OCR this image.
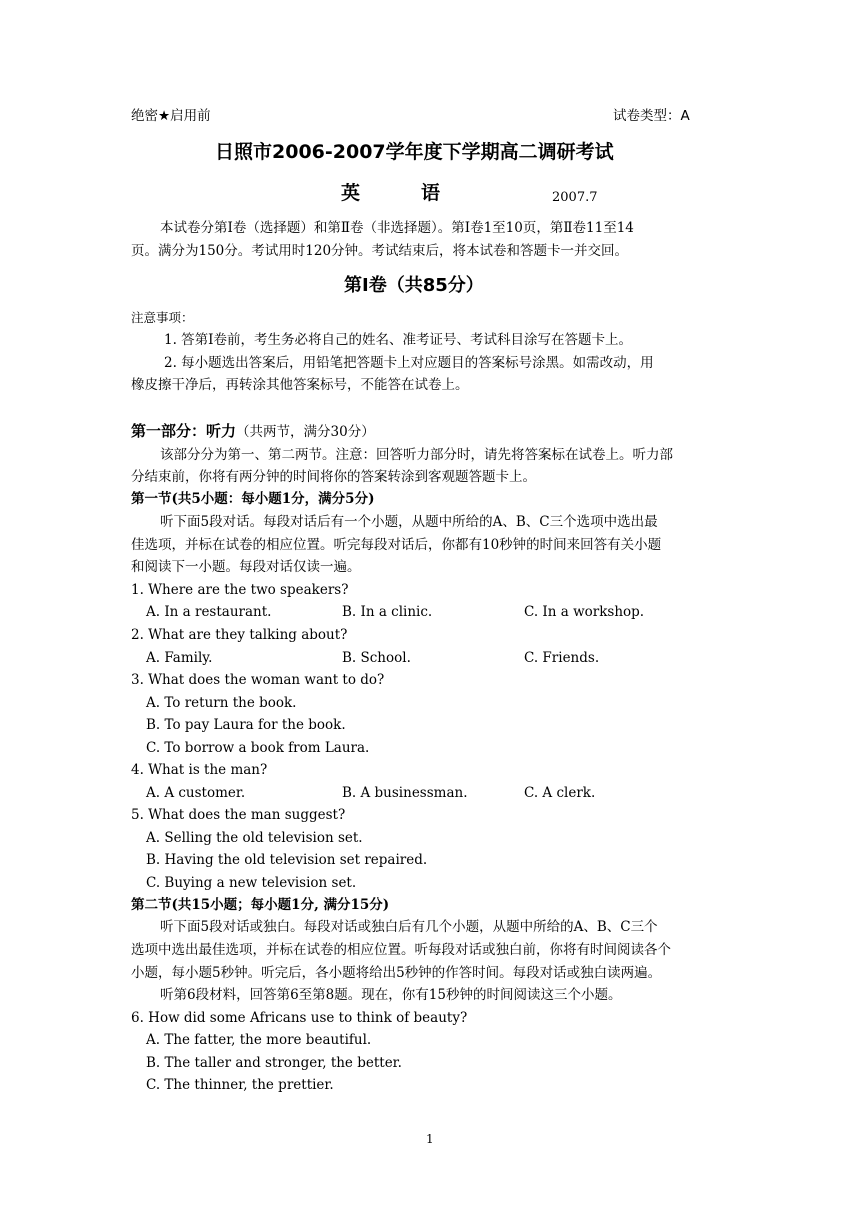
绝密★启用前	试卷类型：A
日照市2006-2007学年度下学期高二调研考试
英	语	2007.7
本试卷分第Ⅰ卷（选择题）和第Ⅱ卷（非选择题）。第Ⅰ卷1至10页，第Ⅱ卷11至14
页。满分为150分。考试用时120分钟。考试结束后，将本试卷和答题卡一并交回。
第Ⅰ卷（共85分）
注意事项：
1. 答第Ⅰ卷前，考生务必将自己的姓名、准考证号、考试科目涂写在答题卡上。
2. 每小题选出答案后，用铅笔把答题卡上对应题目的答案标号涂黑。如需改动，用
橡皮擦干净后，再转涂其他答案标号，不能答在试卷上。
第一部分：听力（共两节，满分30分）
该部分分为第一、第二两节。注意：回答听力部分时，请先将答案标在试卷上。听力部
分结束前，你将有两分钟的时间将你的答案转涂到客观题答题卡上。
第一节(共5小题：每小题1分，满分5分)
听下面5段对话。每段对话后有一个小题，从题中所给的A、B、C三个选项中选出最
佳选项，并标在试卷的相应位置。听完每段对话后，你都有10秒钟的时间来回答有关小题
和阅读下一小题。每段对话仅读一遍。
1. Where are the two speakers?
A. In a restaurant.	B. In a clinic.	C. In a workshop.
2. What are they talking about?
A. Family.	B. School.	C. Friends.
3. What does the woman want to do?
A. To return the book.
B. To pay Laura for the book.
C. To borrow a book from Laura.
4. What is the man?
A. A customer.	B. A businessman.	C. A clerk.
5. What does the man suggest?
A. Selling the old television set.
B. Having the old television set repaired.
C. Buying a new television set.
第二节(共15小题；每小题1分, 满分15分)
听下面5段对话或独白。每段对话或独白后有几个小题，从题中所给的A、B、C三个
选项中选出最佳选项，并标在试卷的相应位置。听每段对话或独白前，你将有时间阅读各个
小题，每小题5秒钟。听完后，各小题将给出5秒钟的作答时间。每段对话或独白读两遍。
听第6段材料，回答第6至第8题。现在，你有15秒钟的时间阅读这三个小题。
6. How did some Africans use to think of beauty?
A. The fatter, the more beautiful.
B. The taller and stronger, the better.
C. The thinner, the prettier.
1
